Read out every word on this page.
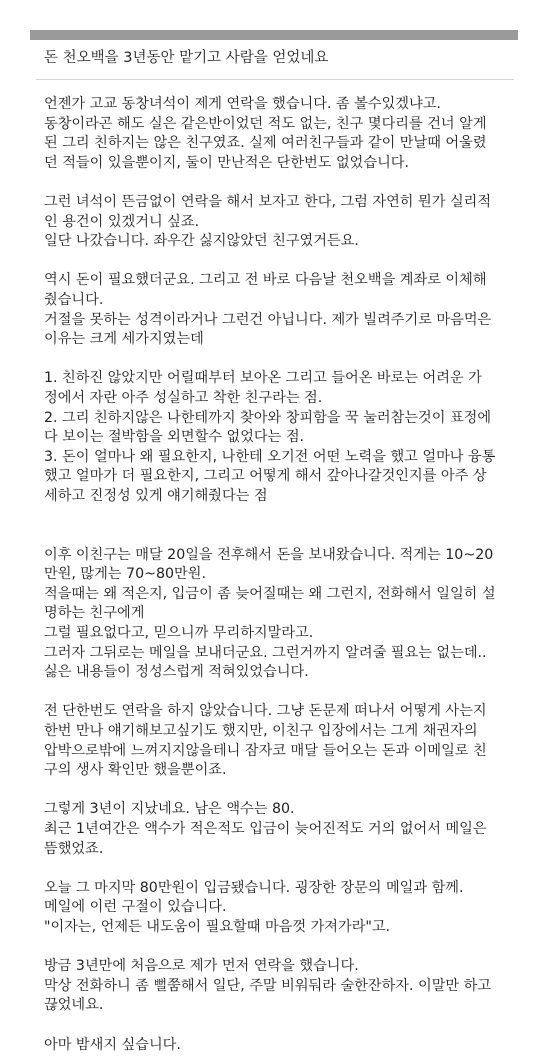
돈 천오백을 3년동안 맡기고 사람을 얻었네요

언젠가 고교 동창녀석이 제게 연락을 했습니다. 좀 볼수있겠냐고.
동창이라곤 해도 실은 같은반이었던 적도 없는, 친구 몇다리를 건너 알게
된 그리 친하지는 않은 친구였죠. 실제 여러친구들과 같이 만날때 어울렸
던 적들이 있을뿐이지, 둘이 만난적은 단한번도 없었습니다.

그런 녀석이 뜬금없이 연락을 해서 보자고 한다, 그럼 자연히 뭔가 실리적
인 용건이 있겠거니 싶죠.
일단 나갔습니다. 좌우간 싫지않았던 친구였거든요.

역시 돈이 필요했더군요. 그리고 전 바로 다음날 천오백을 계좌로 이체해
줬습니다.
거절을 못하는 성격이라거나 그런건 아닙니다. 제가 빌려주기로 마음먹은
이유는 크게 세가지였는데

1. 친하진 않았지만 어릴때부터 보아온 그리고 들어온 바로는 어려운 가
정에서 자란 아주 성실하고 착한 친구라는 점.
2. 그리 친하지않은 나한테까지 찾아와 창피함을 꾹 눌러참는것이 표정에
다 보이는 절박함을 외면할수 없었다는 점.
3. 돈이 얼마나 왜 필요한지, 나한테 오기전 어떤 노력을 했고 얼마나 융통
했고 얼마가 더 필요한지, 그리고 어떻게 해서 갚아나갈것인지를 아주 상
세하고 진정성 있게 얘기해줬다는 점

이후 이친구는 매달 20일을 전후해서 돈을 보내왔습니다. 적게는 10~20
만원, 많게는 70~80만원.
적을때는 왜 적은지, 입금이 좀 늦어질때는 왜 그런지, 전화해서 일일히 설
명하는 친구에게
그럴 필요없다고, 믿으니까 무리하지말라고.
그러자 그뒤로는 메일을 보내더군요. 그런거까지 알려줄 필요는 없는데..
싫은 내용들이 정성스럽게 적혀있었습니다.

전 단한번도 연락을 하지 않았습니다. 그냥 돈문제 떠나서 어떻게 사는지
한번 만나 얘기해보고싶기도 했지만, 이친구 입장에서는 그게 채권자의
압박으로밖에 느껴지지않을테니 잠자코 매달 들어오는 돈과 이메일로 친
구의 생사 확인만 했을뿐이죠.

그렇게 3년이 지났네요. 남은 액수는 80.
최근 1년여간은 액수가 적은적도 입금이 늦어진적도 거의 없어서 메일은
뜸했었죠.

오늘 그 마지막 80만원이 입금됐습니다. 굉장한 장문의 메일과 함께.
메일에 이런 구절이 있습니다.
"이자는, 언제든 내도움이 필요할때 마음껏 가져가라"고.

방금 3년만에 처음으로 제가 먼저 연락을 했습니다.
막상 전화하니 좀 뻘쭘해서 일단, 주말 비워둬라 술한잔하자. 이말만 하고
끊었네요.

아마 밤새지 싶습니다.
